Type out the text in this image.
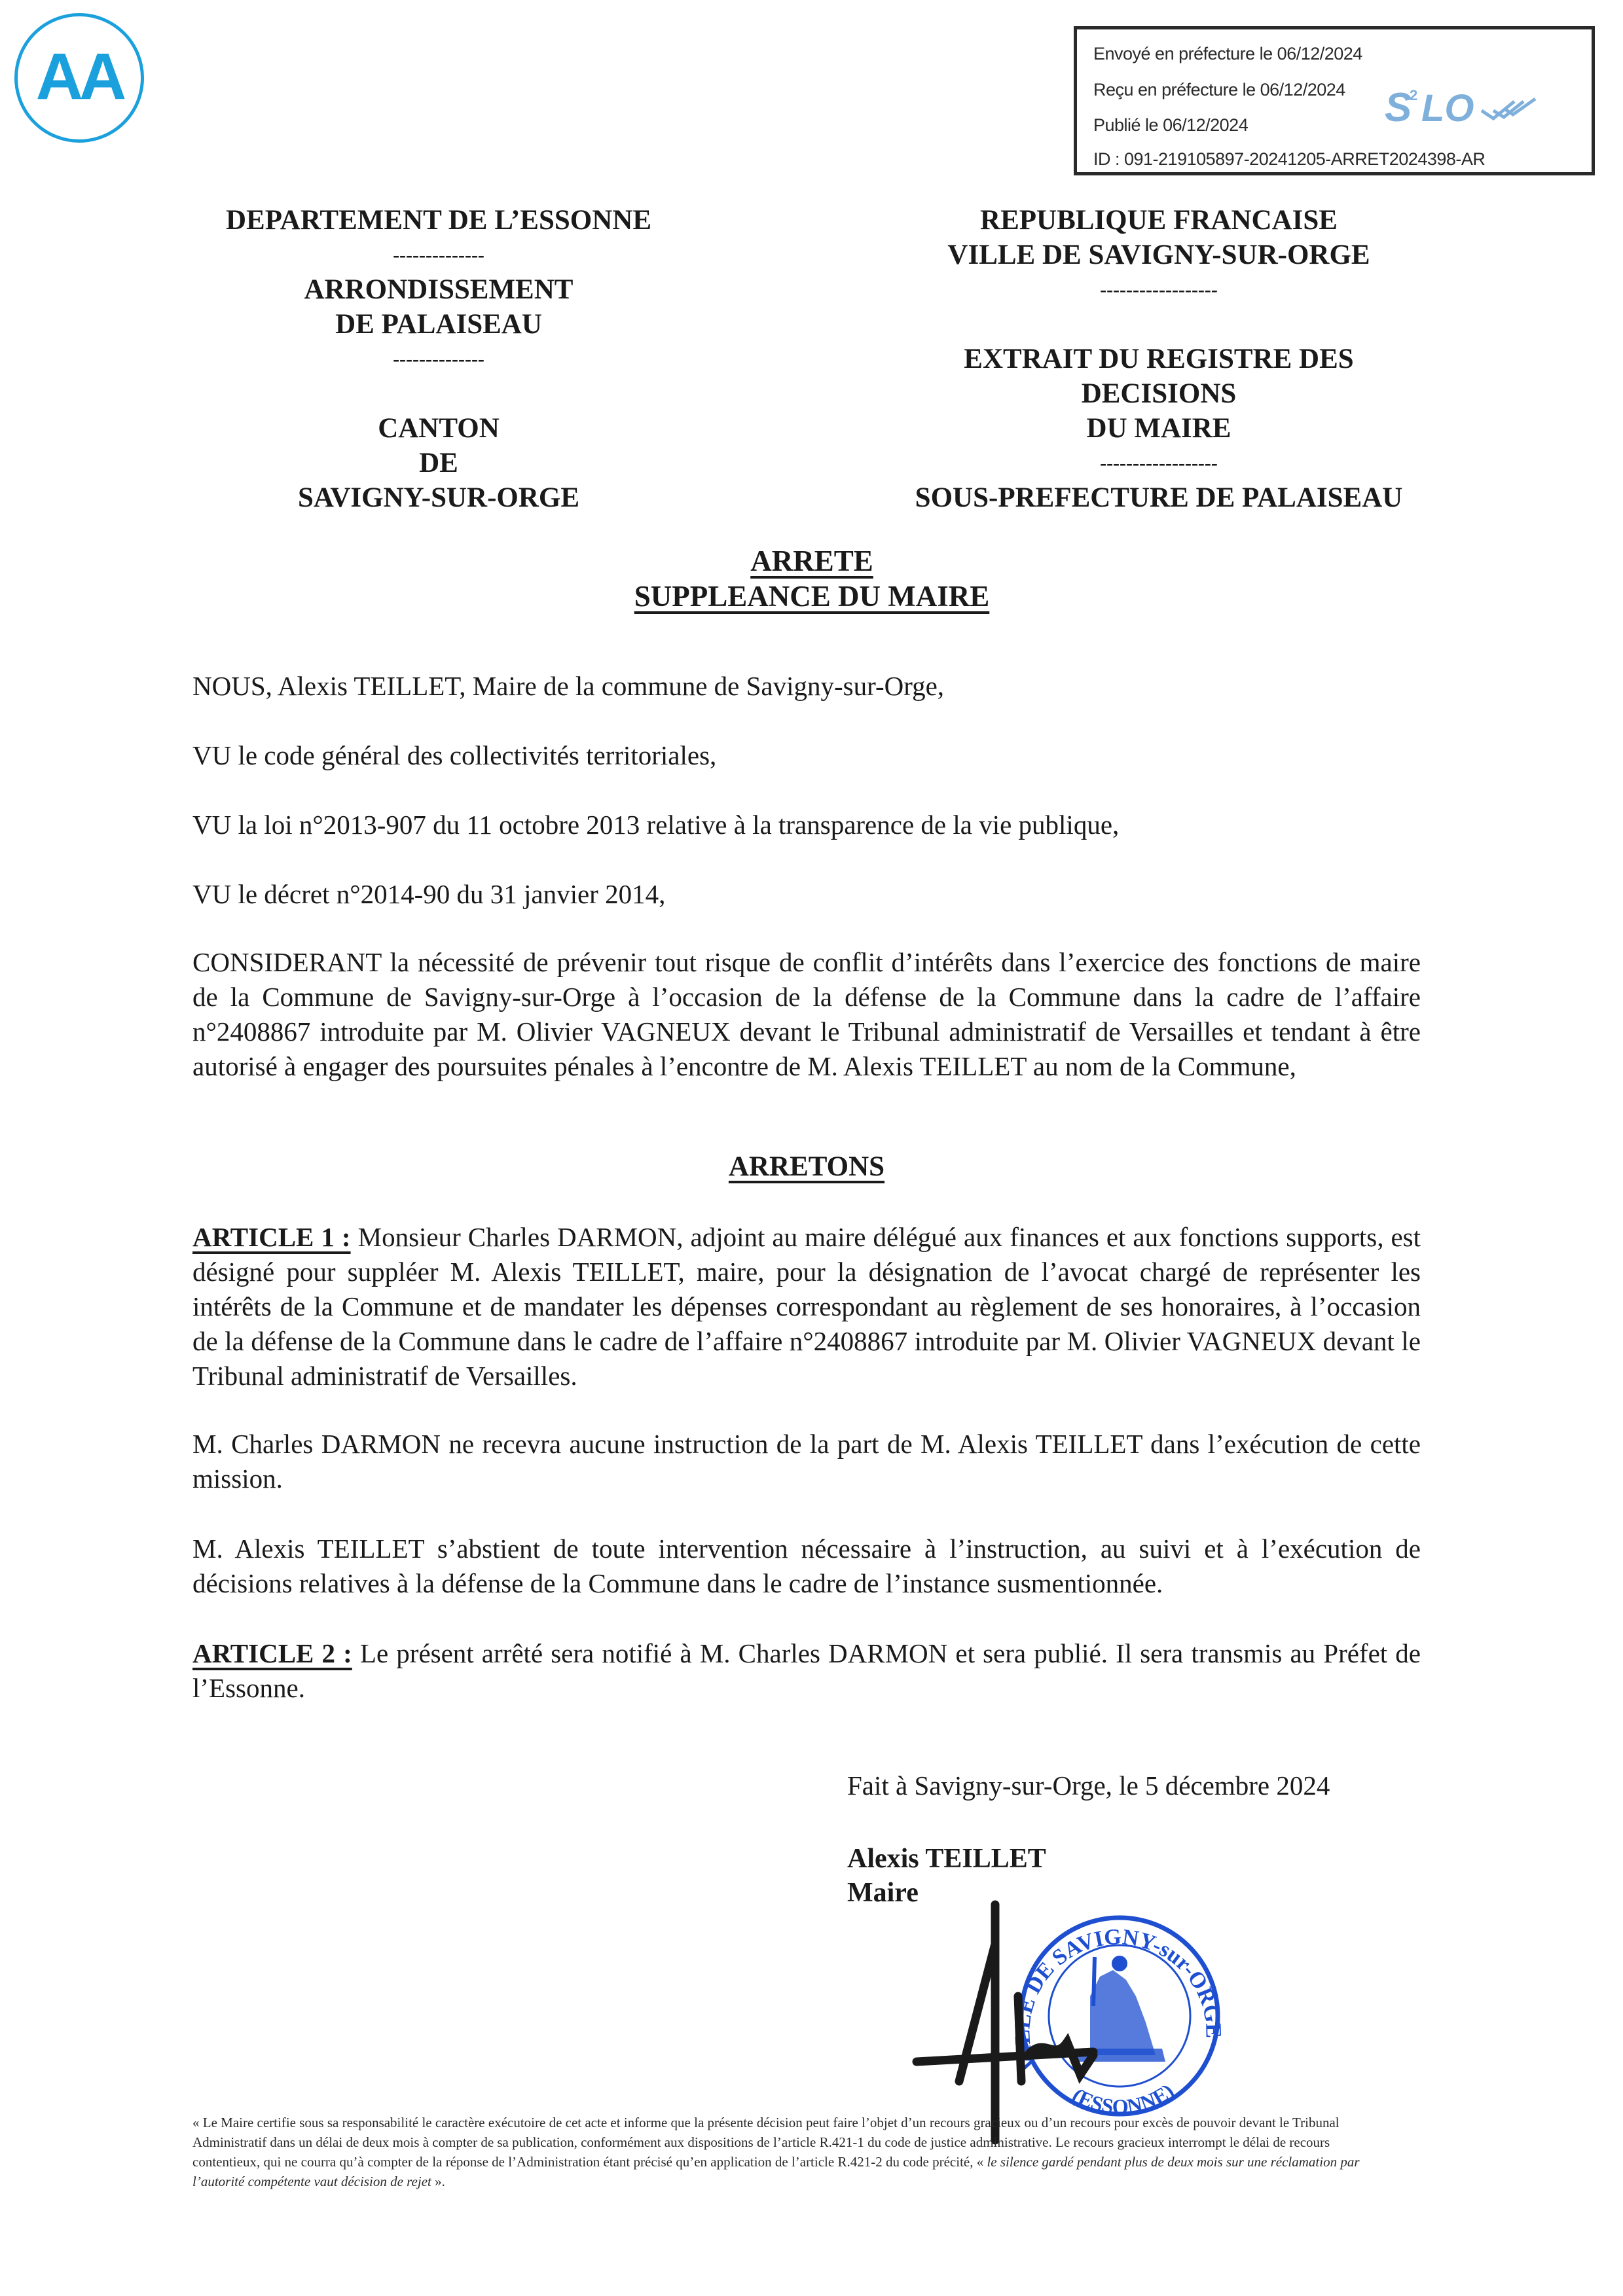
AA	Envoyé en préfecture le 06/12/2024
Reçu en préfecture le 06/12/2024
Publié le 06/12/2024
ID : 091-219105897-20241205-ARRET2024398-AR
S
2 LO
DEPARTEMENT DE L’ESSONNE
--------------
ARRONDISSEMENT
DE PALAISEAU
--------------
CANTON
DE
SAVIGNY-SUR-ORGE
REPUBLIQUE FRANCAISE
VILLE DE SAVIGNY-SUR-ORGE
------------------
EXTRAIT DU REGISTRE DES
DECISIONS
DU MAIRE
------------------
SOUS-PREFECTURE DE PALAISEAU
ARRETE
SUPPLEANCE DU MAIRE
NOUS, Alexis TEILLET, Maire de la commune de Savigny-sur-Orge,
VU le code général des collectivités territoriales,
VU la loi n°2013-907 du 11 octobre 2013 relative à la transparence de la vie publique,
VU le décret n°2014-90 du 31 janvier 2014,
CONSIDERANT la nécessité de prévenir tout risque de conflit d’intérêts dans l’exercice des fonctions de maire de la Commune de Savigny-sur-Orge à l’occasion de la défense de la Commune dans la cadre de l’affaire n°2408867 introduite par M. Olivier VAGNEUX devant le Tribunal administratif de Versailles et tendant à être autorisé à engager des poursuites pénales à l’encontre de M. Alexis TEILLET au nom de la Commune,
ARRETONS
ARTICLE 1 : Monsieur Charles DARMON, adjoint au maire délégué aux finances et aux fonctions supports, est désigné pour suppléer M. Alexis TEILLET, maire, pour la désignation de l’avocat chargé de représenter les intérêts de la Commune et de mandater les dépenses correspondant au règlement de ses honoraires, à l’occasion de la défense de la Commune dans le cadre de l’affaire n°2408867 introduite par M. Olivier VAGNEUX devant le Tribunal administratif de Versailles.
M. Charles DARMON ne recevra aucune instruction de la part de M. Alexis TEILLET dans l’exécution de cette mission.
M. Alexis TEILLET s’abstient de toute intervention nécessaire à l’instruction, au suivi et à l’exécution de décisions relatives à la défense de la Commune dans le cadre de l’instance susmentionnée.
ARTICLE 2 : Le présent arrêté sera notifié à M. Charles DARMON et sera publié. Il sera transmis au Préfet de l’Essonne.
Fait à Savigny-sur-Orge, le 5 décembre 2024
Alexis TEILLET
Maire
VILLE DE SAVIGNY-sur-ORGE
(ESSONNE)
« Le Maire certifie sous sa responsabilité le caractère exécutoire de cet acte et informe que la présente décision peut faire l’objet d’un recours gracieux ou d’un recours pour excès de pouvoir devant le Tribunal Administratif dans un délai de deux mois à compter de sa publication, conformément aux dispositions de l’article R.421-1 du code de justice administrative. Le recours gracieux interrompt le délai de recours contentieux, qui ne courra qu’à compter de la réponse de l’Administration étant précisé qu’en application de l’article R.421-2 du code précité, « le silence gardé pendant plus de deux mois sur une réclamation par l’autorité compétente vaut décision de rejet ».
